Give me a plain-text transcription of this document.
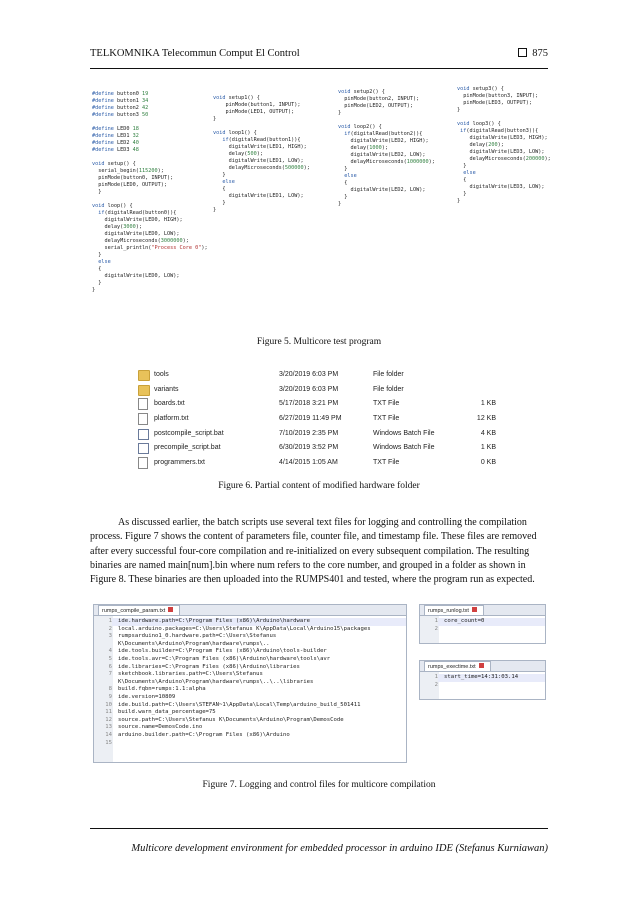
TELKOMNIKA Telecommun Comput El Control	875
#define button0 19
#define button1 34
#define button2 42
#define button3 50
#define LED0 18
#define LED1 32
#define LED2 40
#define LED3 48
void setup() {
serial_begin(115200);
pinMode(button0, INPUT);
pinMode(LED0, OUTPUT);
}
void loop() {
if(digitalRead(button0)){
digitalWrite(LED0, HIGH);
delay(3000);
digitalWrite(LED0, LOW);
delayMicroseconds(3000000);
serial_println("Process Core 0");
}
else
{
digitalWrite(LED0, LOW);
}
}
void setup1() {
pinMode(button1, INPUT);
pinMode(LED1, OUTPUT);
}
void loop1() {
if(digitalRead(button1)){
digitalWrite(LED1, HIGH);
delay(500);
digitalWrite(LED1, LOW);
delayMicroseconds(500000);
}
else
{
digitalWrite(LED1, LOW);
}
}
void setup2() {
pinMode(button2, INPUT);
pinMode(LED2, OUTPUT);
}
void loop2() {
if(digitalRead(button2)){
digitalWrite(LED2, HIGH);
delay(1000);
digitalWrite(LED2, LOW);
delayMicroseconds(1000000);
}
else
{
digitalWrite(LED2, LOW);
}
}
void setup3() {
pinMode(button3, INPUT);
pinMode(LED3, OUTPUT);
}
void loop3() {
if(digitalRead(button3)){
digitalWrite(LED3, HIGH);
delay(200);
digitalWrite(LED3, LOW);
delayMicroseconds(200000);
}
else
{
digitalWrite(LED3, LOW);
}
}
Figure 5. Multicore test program
tools	3/20/2019 6:03 PM	File folder
variants	3/20/2019 6:03 PM	File folder
boards.txt	5/17/2018 3:21 PM	TXT File	1 KB
platform.txt	6/27/2019 11:49 PM	TXT File	12 KB
postcompile_script.bat	7/10/2019 2:35 PM	Windows Batch File	4 KB
precompile_script.bat	6/30/2019 3:52 PM	Windows Batch File	1 KB
programmers.txt	4/14/2015 1:05 AM	TXT File	0 KB
Figure 6. Partial content of modified hardware folder
As discussed earlier, the batch scripts use several text files for logging and controlling the compilation
process. Figure 7 shows the content of parameters file, counter file, and timestamp file. These files are removed
after every successful four-core compilation and re-initialized on every subsequent compilation. The resulting
binaries are named main[num].bin where num refers to the core number, and grouped in a folder as shown in
Figure 8. These binaries are then uploaded into the RUMPS401 and tested, where the program run as expected.
rumps_compile_param.txt
1 ide.hardware.path=C:\Program Files (x86)\Arduino\hardware
2 local.arduino.packages=C:\Users\Stefanus K\AppData\Local\Arduino15\packages
3 rumpsarduino1_0.hardware.path=C:\Users\Stefanus
K\Documents\Arduino\Program\hardware\rumps\..
4 ide.tools.builder=C:\Program Files (x86)\Arduino\tools-builder
5 ide.tools.avr=C:\Program Files (x86)\Arduino\hardware\tools\avr
6 ide.libraries=C:\Program Files (x86)\Arduino\libraries
7 sketchbook.libraries.path=C:\Users\Stefanus
K\Documents\Arduino\Program\hardware\rumps\..\..\libraries
8 build.fqbn=rumps:1.1:alpha
9 ide.version=10809
10 ide.build.path=C:\Users\STEFAN~1\AppData\Local\Temp\arduino_build_501411
11 build.warn_data_percentage=75
12 source.path=C:\Users\Stefanus K\Documents\Arduino\Program\DemosCode
13 source.name=DemosCode.ino
14 arduino.builder.path=C:\Program Files (x86)\Arduino
15
rumps_runlog.txt
1 core_count=0
2
rumps_exectime.txt
1 start_time=14:31:03.14
2
Figure 7. Logging and control files for multicore compilation
Multicore development environment for embedded processor in arduino IDE (Stefanus Kurniawan)
